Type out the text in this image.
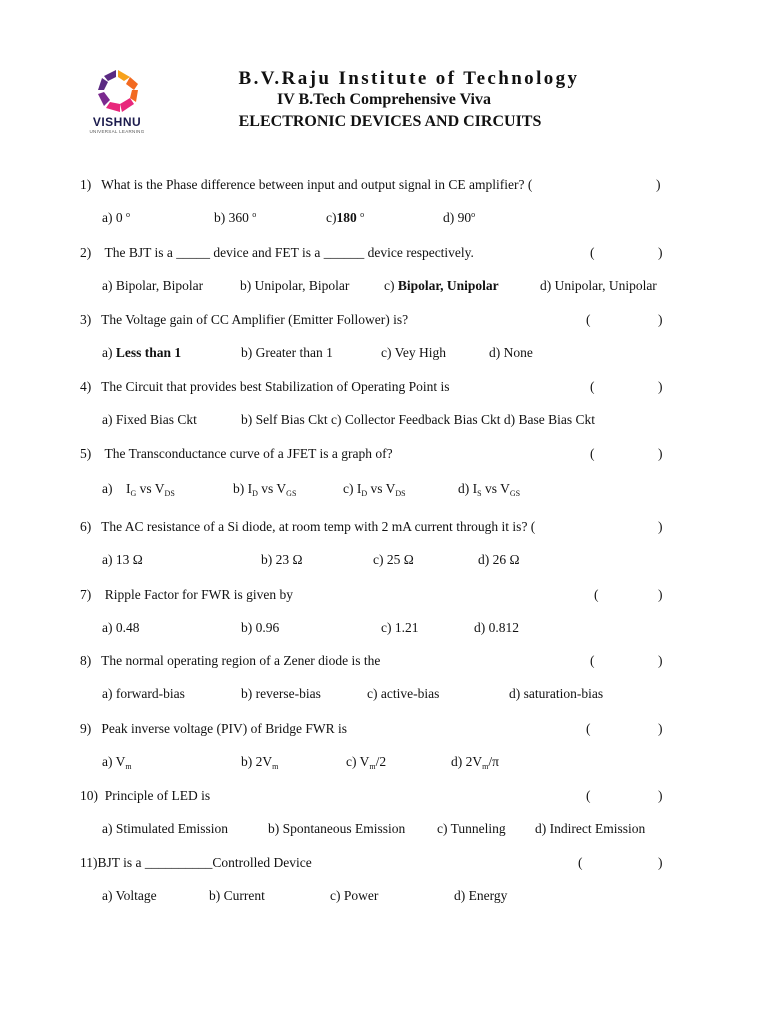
VISHNU
UNIVERSAL LEARNING
B.V.Raju Institute of Technology
IV B.Tech Comprehensive Viva
ELECTRONIC DEVICES AND CIRCUITS
1) What is the Phase difference between input and output signal in CE amplifier? (	)
a) 0 $^o$	b) 360 $^o$	c)180 $^o$	d) 90$^o$
2) The BJT is a _____ device and FET is a ______ device respectively.	(	)
a) Bipolar, Bipolar	b) Unipolar, Bipolar	c) Bipolar, Unipolar	d) Unipolar, Unipolar
3) The Voltage gain of CC Amplifier (Emitter Follower) is?	(	)
a) Less than 1	b) Greater than 1	c) Vey High	d) None
4) The Circuit that provides best Stabilization of Operating Point is	(	)
a) Fixed Bias Ckt	b) Self Bias Ckt c) Collector Feedback Bias Ckt d) Base Bias Ckt
5) The Transconductance curve of a JFET is a graph of?	(	)
a) $I_G$ vs $V_{DS}$	b) $I_D$ vs $V_{GS}$	c) $I_D$ vs $V_{DS}$	d) $I_S$ vs $V_{GS}$
6) The AC resistance of a Si diode, at room temp with 2 mA current through it is? (	)
a) 13 Ω	b) 23 Ω	c) 25 Ω	d) 26 Ω
7) Ripple Factor for FWR is given by	(	)
a) 0.48	b) 0.96	c) 1.21	d) 0.812
8) The normal operating region of a Zener diode is the	(	)
a) forward-bias	b) reverse-bias	c) active-bias	d) saturation-bias
9) Peak inverse voltage (PIV) of Bridge FWR is	(	)
a) $V_m$	b) $2V_m$	c) $V_m/2$	d) $2V_m/\pi$
10) Principle of LED is	(	)
a) Stimulated Emission	b) Spontaneous Emission c) Tunneling d) Indirect Emission
11)BJT is a __________Controlled Device	(	)
a) Voltage	b) Current	c) Power	d) Energy
